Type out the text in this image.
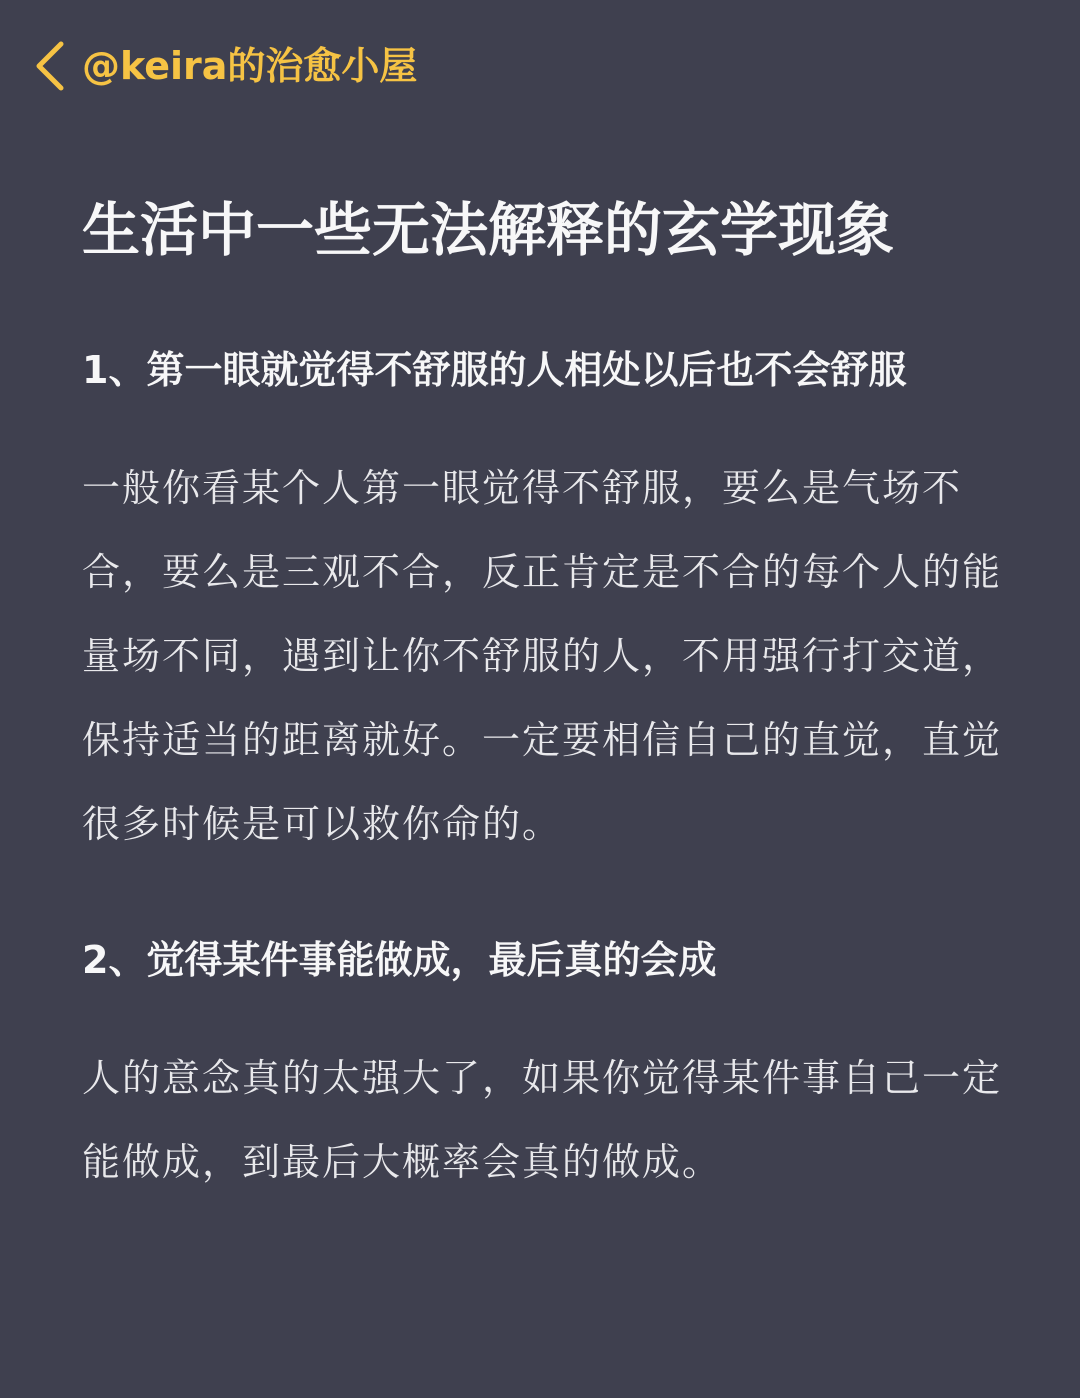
@keira的治愈小屋
生活中一些无法解释的玄学现象
1、第一眼就觉得不舒服的人相处以后也不会舒服

一般你看某个人第一眼觉得不舒服，要么是气场不合，要么是三观不合，反正肯定是不合的每个人的能量场不同，遇到让你不舒服的人，不用强行打交道，保持适当的距离就好。一定要相信自己的直觉，直觉很多时候是可以救你命的。

2、觉得某件事能做成，最后真的会成

人的意念真的太强大了，如果你觉得某件事自己一定能做成，到最后大概率会真的做成。
